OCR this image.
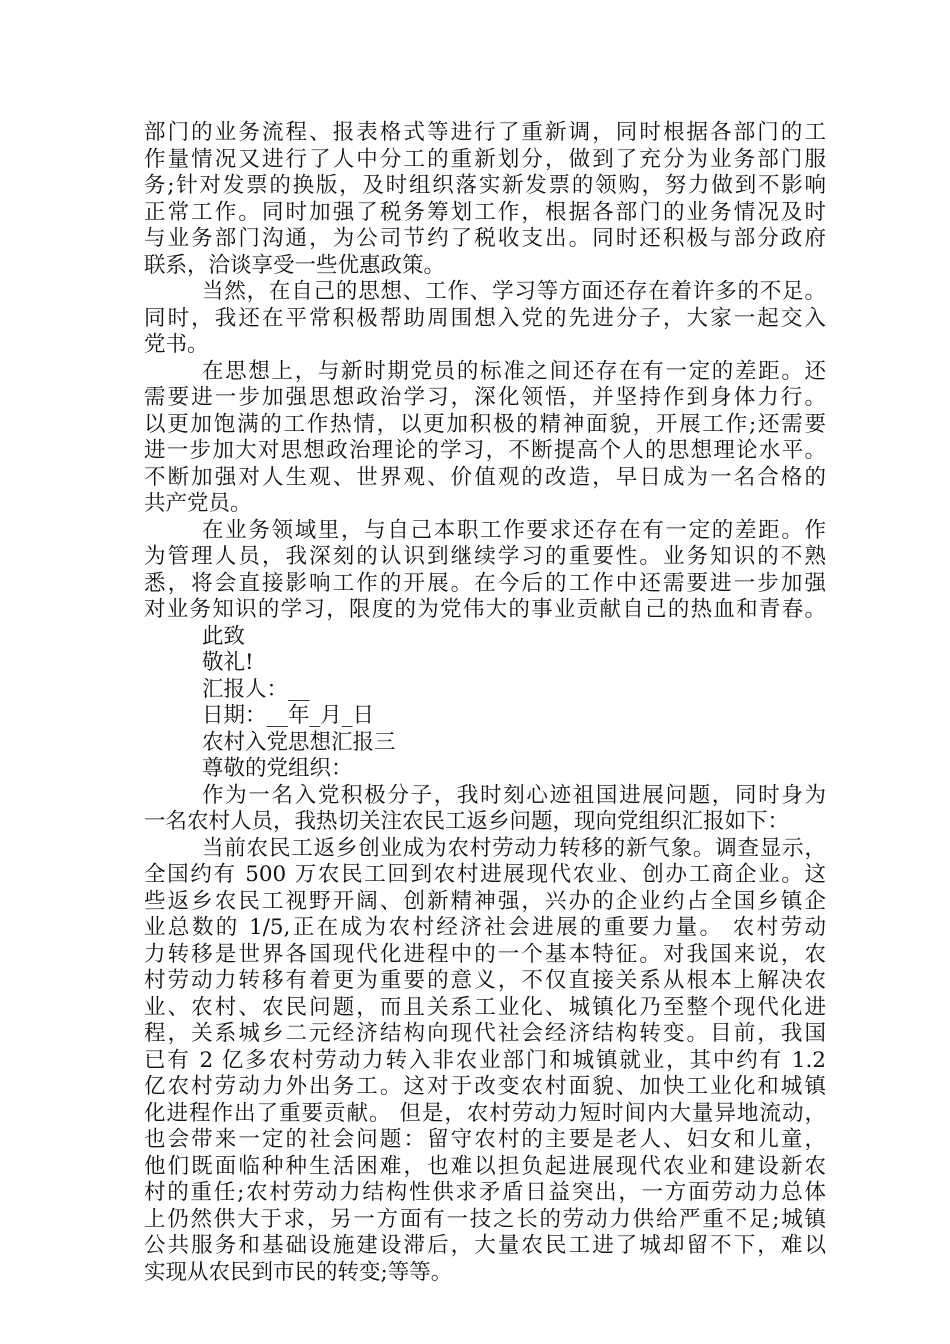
部门的业务流程、报表格式等进行了重新调，同时根据各部门的工
作量情况又进行了人中分工的重新划分，做到了充分为业务部门服
务;针对发票的换版，及时组织落实新发票的领购，努力做到不影响
正常工作。同时加强了税务筹划工作，根据各部门的业务情况及时
与业务部门沟通，为公司节约了税收支出。同时还积极与部分政府
联系，洽谈享受一些优惠政策。
当然，在自己的思想、工作、学习等方面还存在着许多的不足。
同时，我还在平常积极帮助周围想入党的先进分子，大家一起交入
党书。
在思想上，与新时期党员的标准之间还存在有一定的差距。还
需要进一步加强思想政治学习，深化领悟，并坚持作到身体力行。
以更加饱满的工作热情，以更加积极的精神面貌，开展工作;还需要
进一步加大对思想政治理论的学习，不断提高个人的思想理论水平。
不断加强对人生观、世界观、价值观的改造，早日成为一名合格的
共产党员。
在业务领域里，与自己本职工作要求还存在有一定的差距。作
为管理人员，我深刻的认识到继续学习的重要性。业务知识的不熟
悉，将会直接影响工作的开展。在今后的工作中还需要进一步加强
对业务知识的学习，限度的为党伟大的事业贡献自己的热血和青春。
此致
敬礼!
汇报人：__
日期：__年_月_日
农村入党思想汇报三
尊敬的党组织：
作为一名入党积极分子，我时刻心迹祖国进展问题，同时身为
一名农村人员，我热切关注农民工返乡问题，现向党组织汇报如下：
当前农民工返乡创业成为农村劳动力转移的新气象。调查显示，
全国约有 500 万农民工回到农村进展现代农业、创办工商企业。这
些返乡农民工视野开阔、创新精神强，兴办的企业约占全国乡镇企
业总数的 1/5,正在成为农村经济社会进展的重要力量。 农村劳动
力转移是世界各国现代化进程中的一个基本特征。对我国来说，农
村劳动力转移有着更为重要的意义，不仅直接关系从根本上解决农
业、农村、农民问题，而且关系工业化、城镇化乃至整个现代化进
程，关系城乡二元经济结构向现代社会经济结构转变。目前，我国
已有 2 亿多农村劳动力转入非农业部门和城镇就业，其中约有 1.2
亿农村劳动力外出务工。这对于改变农村面貌、加快工业化和城镇
化进程作出了重要贡献。 但是，农村劳动力短时间内大量异地流动，
也会带来一定的社会问题：留守农村的主要是老人、妇女和儿童，
他们既面临种种生活困难，也难以担负起进展现代农业和建设新农
村的重任;农村劳动力结构性供求矛盾日益突出，一方面劳动力总体
上仍然供大于求，另一方面有一技之长的劳动力供给严重不足;城镇
公共服务和基础设施建设滞后，大量农民工进了城却留不下，难以
实现从农民到市民的转变;等等。
